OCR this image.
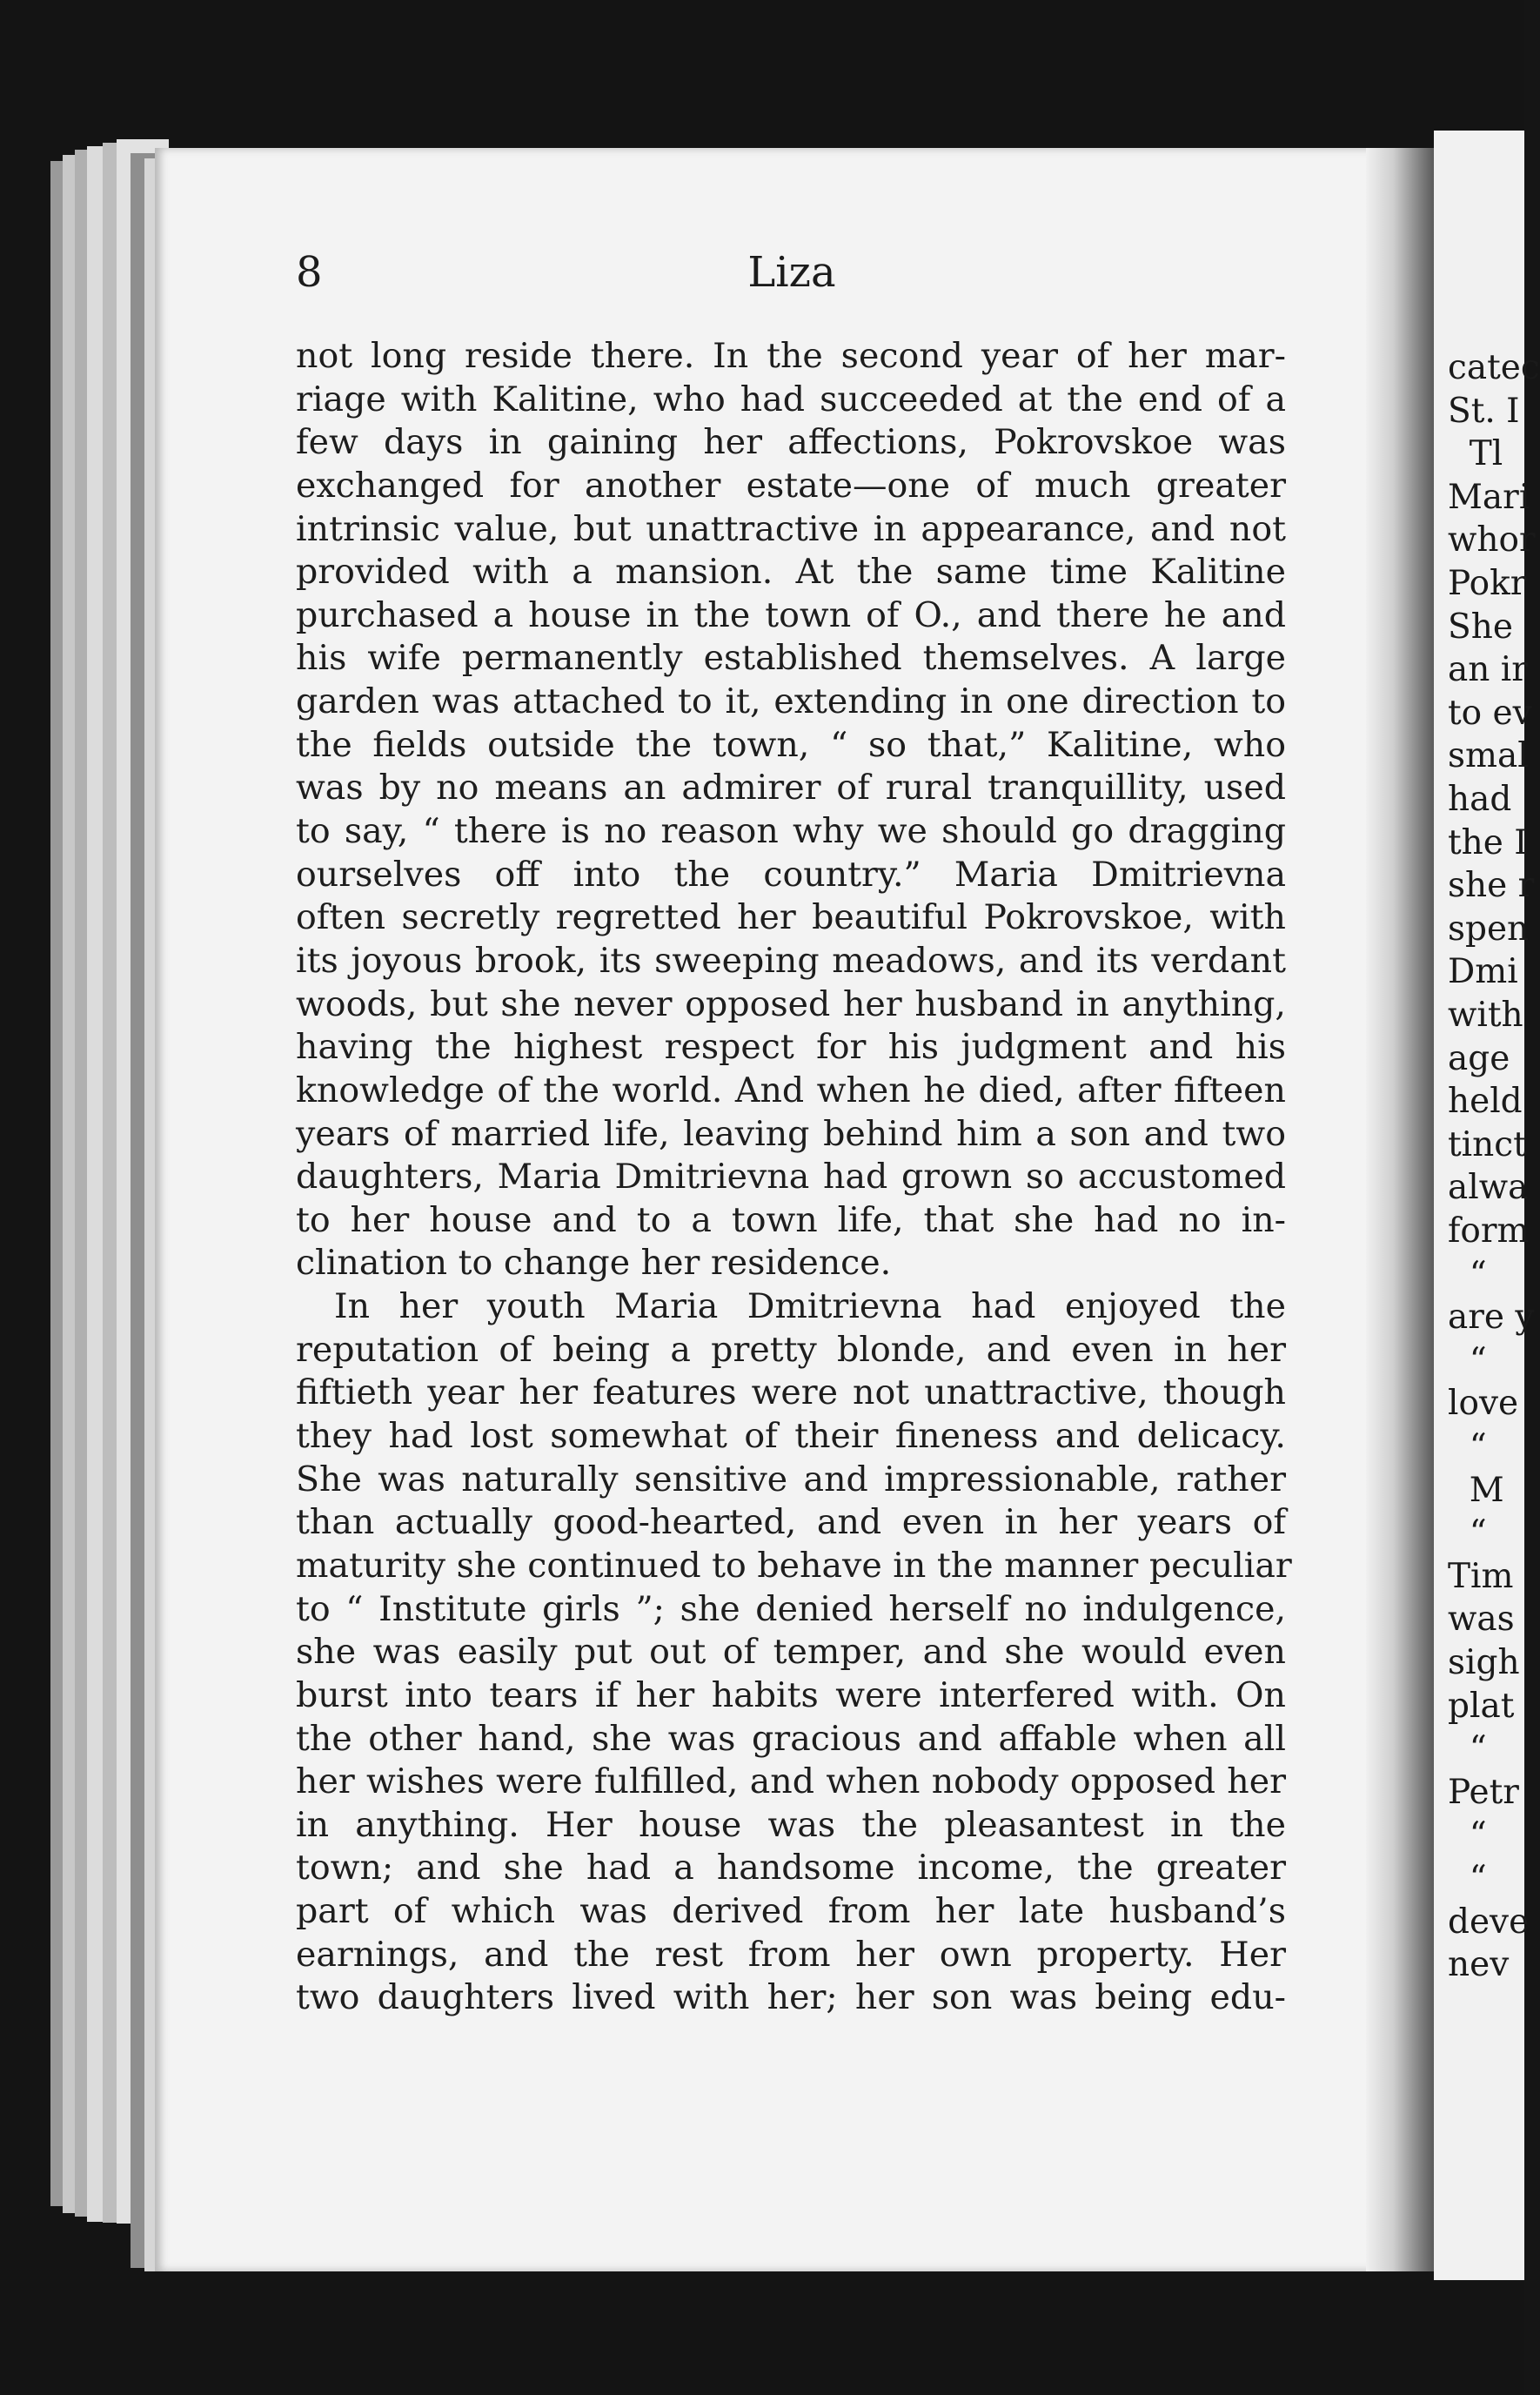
catec
St. I
Tl
Mari
whor
Pokr
She
an ir
to ev
smal
had
the I
she r
spen
Dmi
with
age
held
tinct
alwa
form
“
are y
“
love
“
M
“
Tim
was
sigh
plat
“
Petr
“
“
devе
nev
8	Liza
not long reside there. In the second year of her mar-
riage with Kalitine, who had succeeded at the end of a
few days in gaining her affections, Pokrovskoe was
exchanged for another estate—one of much greater
intrinsic value, but unattractive in appearance, and not
provided with a mansion. At the same time Kalitine
purchased a house in the town of O., and there he and
his wife permanently established themselves. A large
garden was attached to it, extending in one direction to
the fields outside the town, “ so that,” Kalitine, who
was by no means an admirer of rural tranquillity, used
to say, “ there is no reason why we should go dragging
ourselves off into the country.” Maria Dmitrievna
often secretly regretted her beautiful Pokrovskoe, with
its joyous brook, its sweeping meadows, and its verdant
woods, but she never opposed her husband in anything,
having the highest respect for his judgment and his
knowledge of the world. And when he died, after fifteen
years of married life, leaving behind him a son and two
daughters, Maria Dmitrievna had grown so accustomed
to her house and to a town life, that she had no in-
clination to change her residence.
In her youth Maria Dmitrievna had enjoyed the
reputation of being a pretty blonde, and even in her
fiftieth year her features were not unattractive, though
they had lost somewhat of their fineness and delicacy.
She was naturally sensitive and impressionable, rather
than actually good-hearted, and even in her years of
maturity she continued to behave in the manner peculiar
to “ Institute girls ”; she denied herself no indulgence,
she was easily put out of temper, and she would even
burst into tears if her habits were interfered with. On
the other hand, she was gracious and affable when all
her wishes were fulfilled, and when nobody opposed her
in anything. Her house was the pleasantest in the
town; and she had a handsome income, the greater
part of which was derived from her late husband’s
earnings, and the rest from her own property. Her
two daughters lived with her; her son was being edu-
